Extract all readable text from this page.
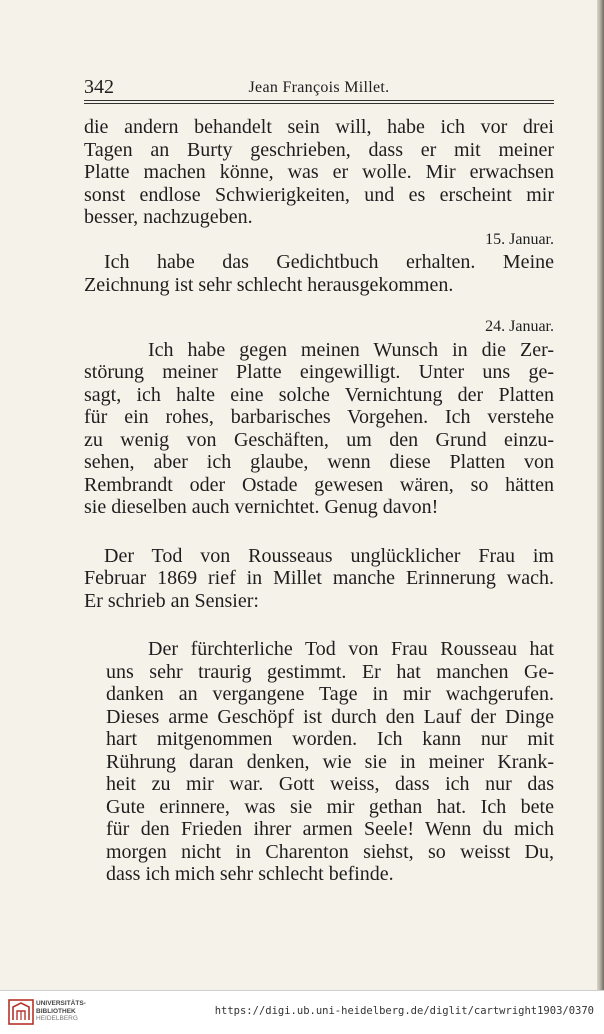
342	Jean François Millet.
die andern behandelt sein will, habe ich vor drei
Tagen an Burty geschrieben, dass er mit meiner
Platte machen könne, was er wolle. Mir erwachsen
sonst endlose Schwierigkeiten, und es erscheint mir
besser, nachzugeben.
15. Januar.
Ich habe das Gedichtbuch erhalten. Meine
Zeichnung ist sehr schlecht herausgekommen.
24. Januar.
Ich habe gegen meinen Wunsch in die Zer-
störung meiner Platte eingewilligt. Unter uns ge-
sagt, ich halte eine solche Vernichtung der Platten
für ein rohes, barbarisches Vorgehen. Ich verstehe
zu wenig von Geschäften, um den Grund einzu-
sehen, aber ich glaube, wenn diese Platten von
Rembrandt oder Ostade gewesen wären, so hätten
sie dieselben auch vernichtet. Genug davon!
Der Tod von Rousseaus unglücklicher Frau im
Februar 1869 rief in Millet manche Erinnerung wach.
Er schrieb an Sensier:
Der fürchterliche Tod von Frau Rousseau hat
uns sehr traurig gestimmt. Er hat manchen Ge-
danken an vergangene Tage in mir wachgerufen.
Dieses arme Geschöpf ist durch den Lauf der Dinge
hart mitgenommen worden. Ich kann nur mit
Rührung daran denken, wie sie in meiner Krank-
heit zu mir war. Gott weiss, dass ich nur das
Gute erinnere, was sie mir gethan hat. Ich bete
für den Frieden ihrer armen Seele! Wenn du mich
morgen nicht in Charenton siehst, so weisst Du,
dass ich mich sehr schlecht befinde.
UNIVERSITÄTS-
BIBLIOTHEK
HEIDELBERG
https://digi.ub.uni-heidelberg.de/diglit/cartwright1903/0370
